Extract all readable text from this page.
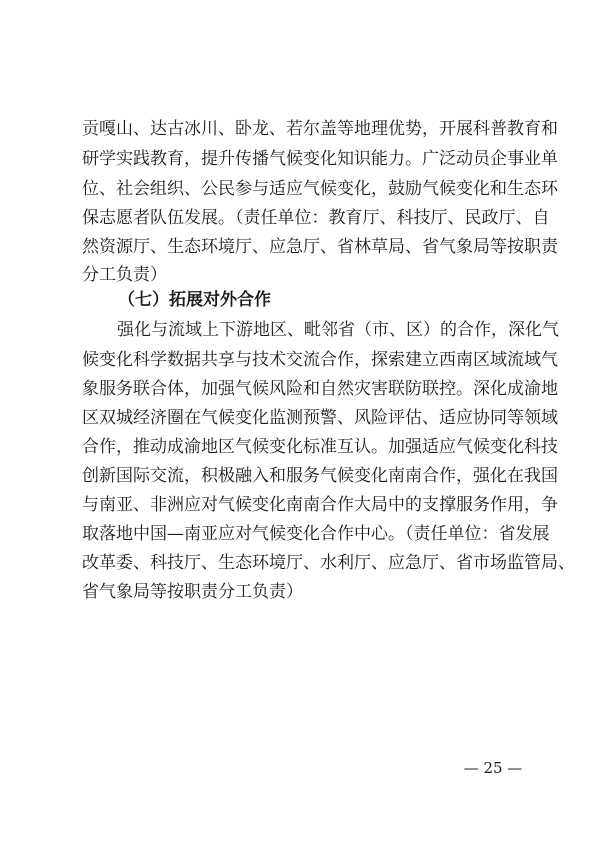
贡嘎山、达古冰川、卧龙、若尔盖等地理优势，开展科普教育和
研学实践教育，提升传播气候变化知识能力。广泛动员企事业单
位、社会组织、公民参与适应气候变化，鼓励气候变化和生态环
保志愿者队伍发展。（责任单位：教育厅、科技厅、民政厅、自
然资源厅、生态环境厅、应急厅、省林草局、省气象局等按职责
分工负责）
（七）拓展对外合作
强化与流域上下游地区、毗邻省（市、区）的合作，深化气
候变化科学数据共享与技术交流合作，探索建立西南区域流域气
象服务联合体，加强气候风险和自然灾害联防联控。深化成渝地
区双城经济圈在气候变化监测预警、风险评估、适应协同等领域
合作，推动成渝地区气候变化标准互认。加强适应气候变化科技
创新国际交流，积极融入和服务气候变化南南合作，强化在我国
与南亚、非洲应对气候变化南南合作大局中的支撑服务作用，争
取落地中国—南亚应对气候变化合作中心。（责任单位：省发展
改革委、科技厅、生态环境厅、水利厅、应急厅、省市场监管局、
省气象局等按职责分工负责）
— 25 —
